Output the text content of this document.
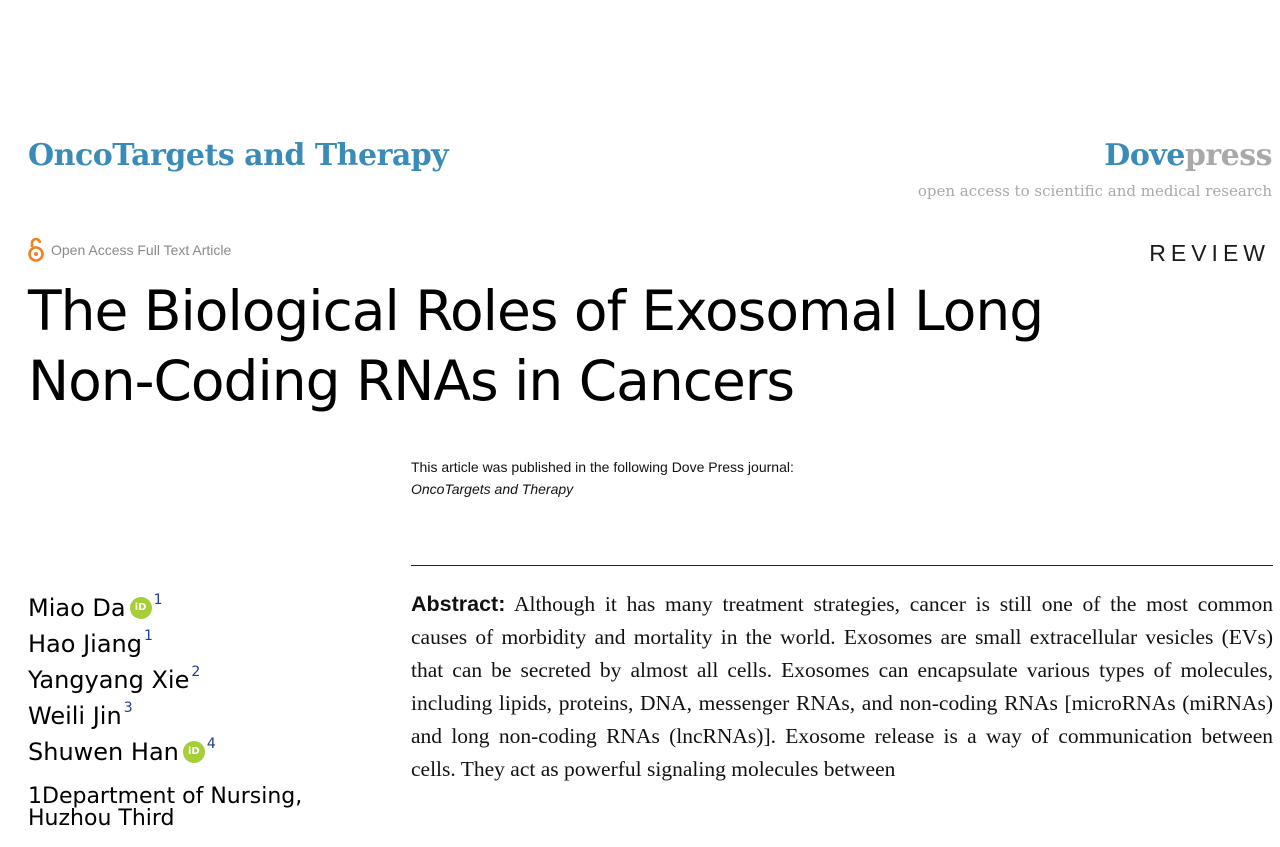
OncoTargets and Therapy	Dovepress
open access to scientific and medical research
Open Access Full Text Article	REVIEW
The Biological Roles of Exosomal Long
Non-Coding RNAs in Cancers
This article was published in the following Dove Press journal:
OncoTargets and Therapy
Miao Da iD $^1$
Hao Jiang$^1$
Yangyang Xie$^2$
Weili Jin$^3$
Shuwen Han iD $^4$
1Department of Nursing, Huzhou Third
Abstract: Although it has many treatment strategies, cancer is still one of the most common causes of morbidity and mortality in the world. Exosomes are small extracellular vesicles (EVs) that can be secreted by almost all cells. Exosomes can encapsulate various types of molecules, including lipids, proteins, DNA, messenger RNAs, and non-coding RNAs [microRNAs (miRNAs) and long non-coding RNAs (lncRNAs)]. Exosome release is a way of communication between cells. They act as powerful signaling molecules between
